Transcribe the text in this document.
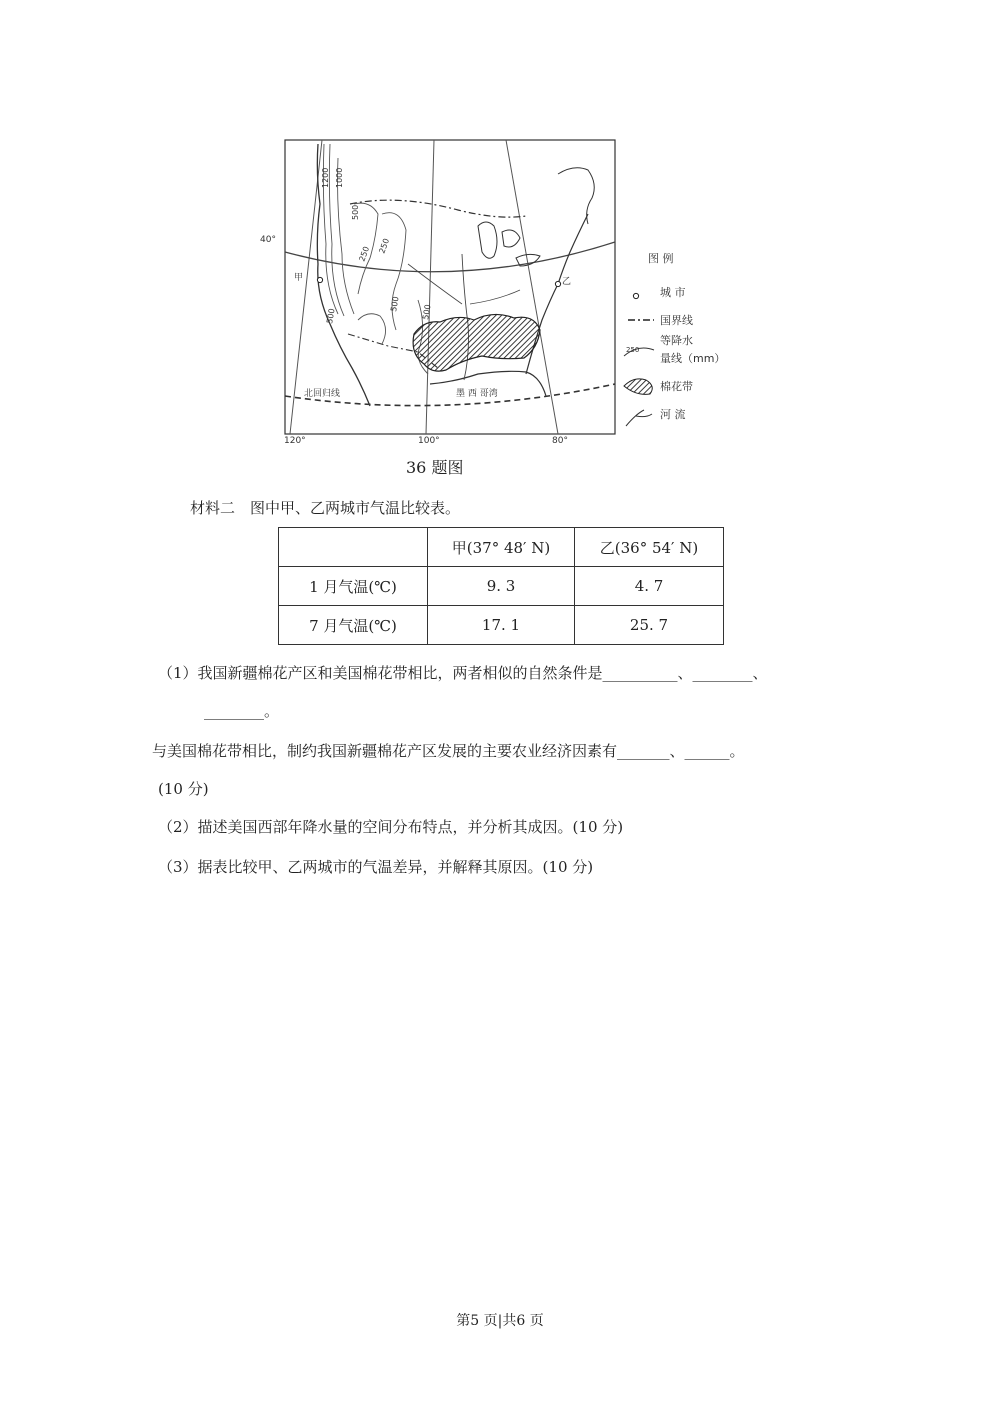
40°
120°	100°	80°
甲	乙
1200 1000
500
250
250
500	500
500
北回归线	墨 西 哥湾
图 例
城 市
国界线
250
等降水
量线（mm）
棉花带
河 流
36 题图
材料二　图中甲、乙两城市气温比较表。
	甲(37° 48′ N)	乙(36° 54′ N)
1 月气温(℃)	9. 3	4. 7
7 月气温(℃)	17. 1	25. 7
（1）我国新疆棉花产区和美国棉花带相比，两者相似的自然条件是__________、________、
________。
与美国棉花带相比，制约我国新疆棉花产区发展的主要农业经济因素有_______、______。
(10 分)
（2）描述美国西部年降水量的空间分布特点，并分析其成因。(10 分)
（3）据表比较甲、乙两城市的气温差异，并解释其原因。(10 分)
第5 页|共6 页
